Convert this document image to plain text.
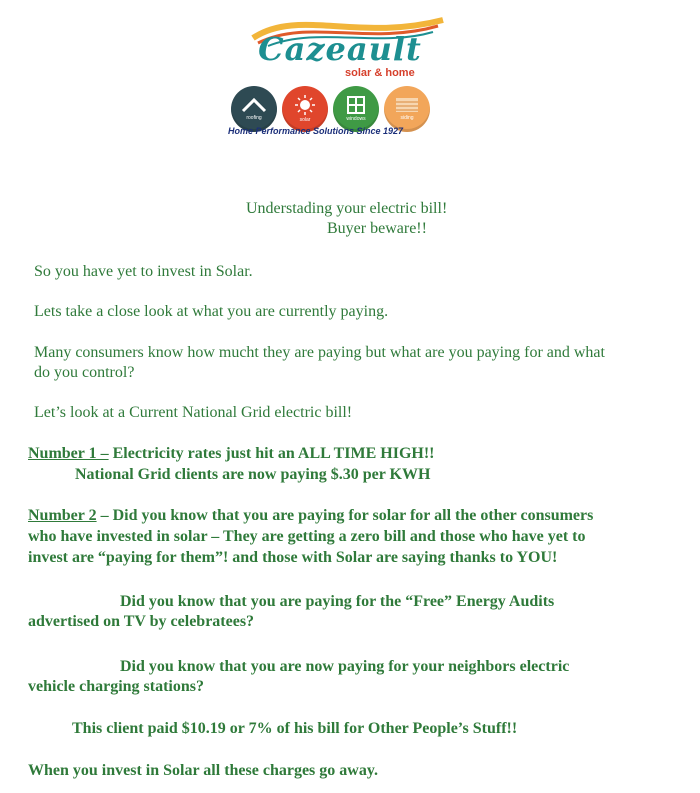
Cazeault
solar & home
roofing	solar	windows	siding
Home Performance Solutions Since 1927
Understading your electric bill!
Buyer beware!!
So you have yet to invest in Solar.
Lets take a close look at what you are currently paying.
Many consumers know how mucht they are paying but what are you paying for and what
do you control?
Let’s look at a Current National Grid electric bill!
Number 1 – Electricity rates just hit an ALL TIME HIGH!!
National Grid clients are now paying $.30 per KWH
Number 2 – Did you know that you are paying for solar for all the other consumers
who have invested in solar – They are getting a zero bill and those who have yet to
invest are “paying for them”! and those with Solar are saying thanks to YOU!
Did you know that you are paying for the “Free” Energy Audits
advertised on TV by celebratees?
Did you know that you are now paying for your neighbors electric
vehicle charging stations?
This client paid $10.19 or 7% of his bill for Other People’s Stuff!!
When you invest in Solar all these charges go away.
